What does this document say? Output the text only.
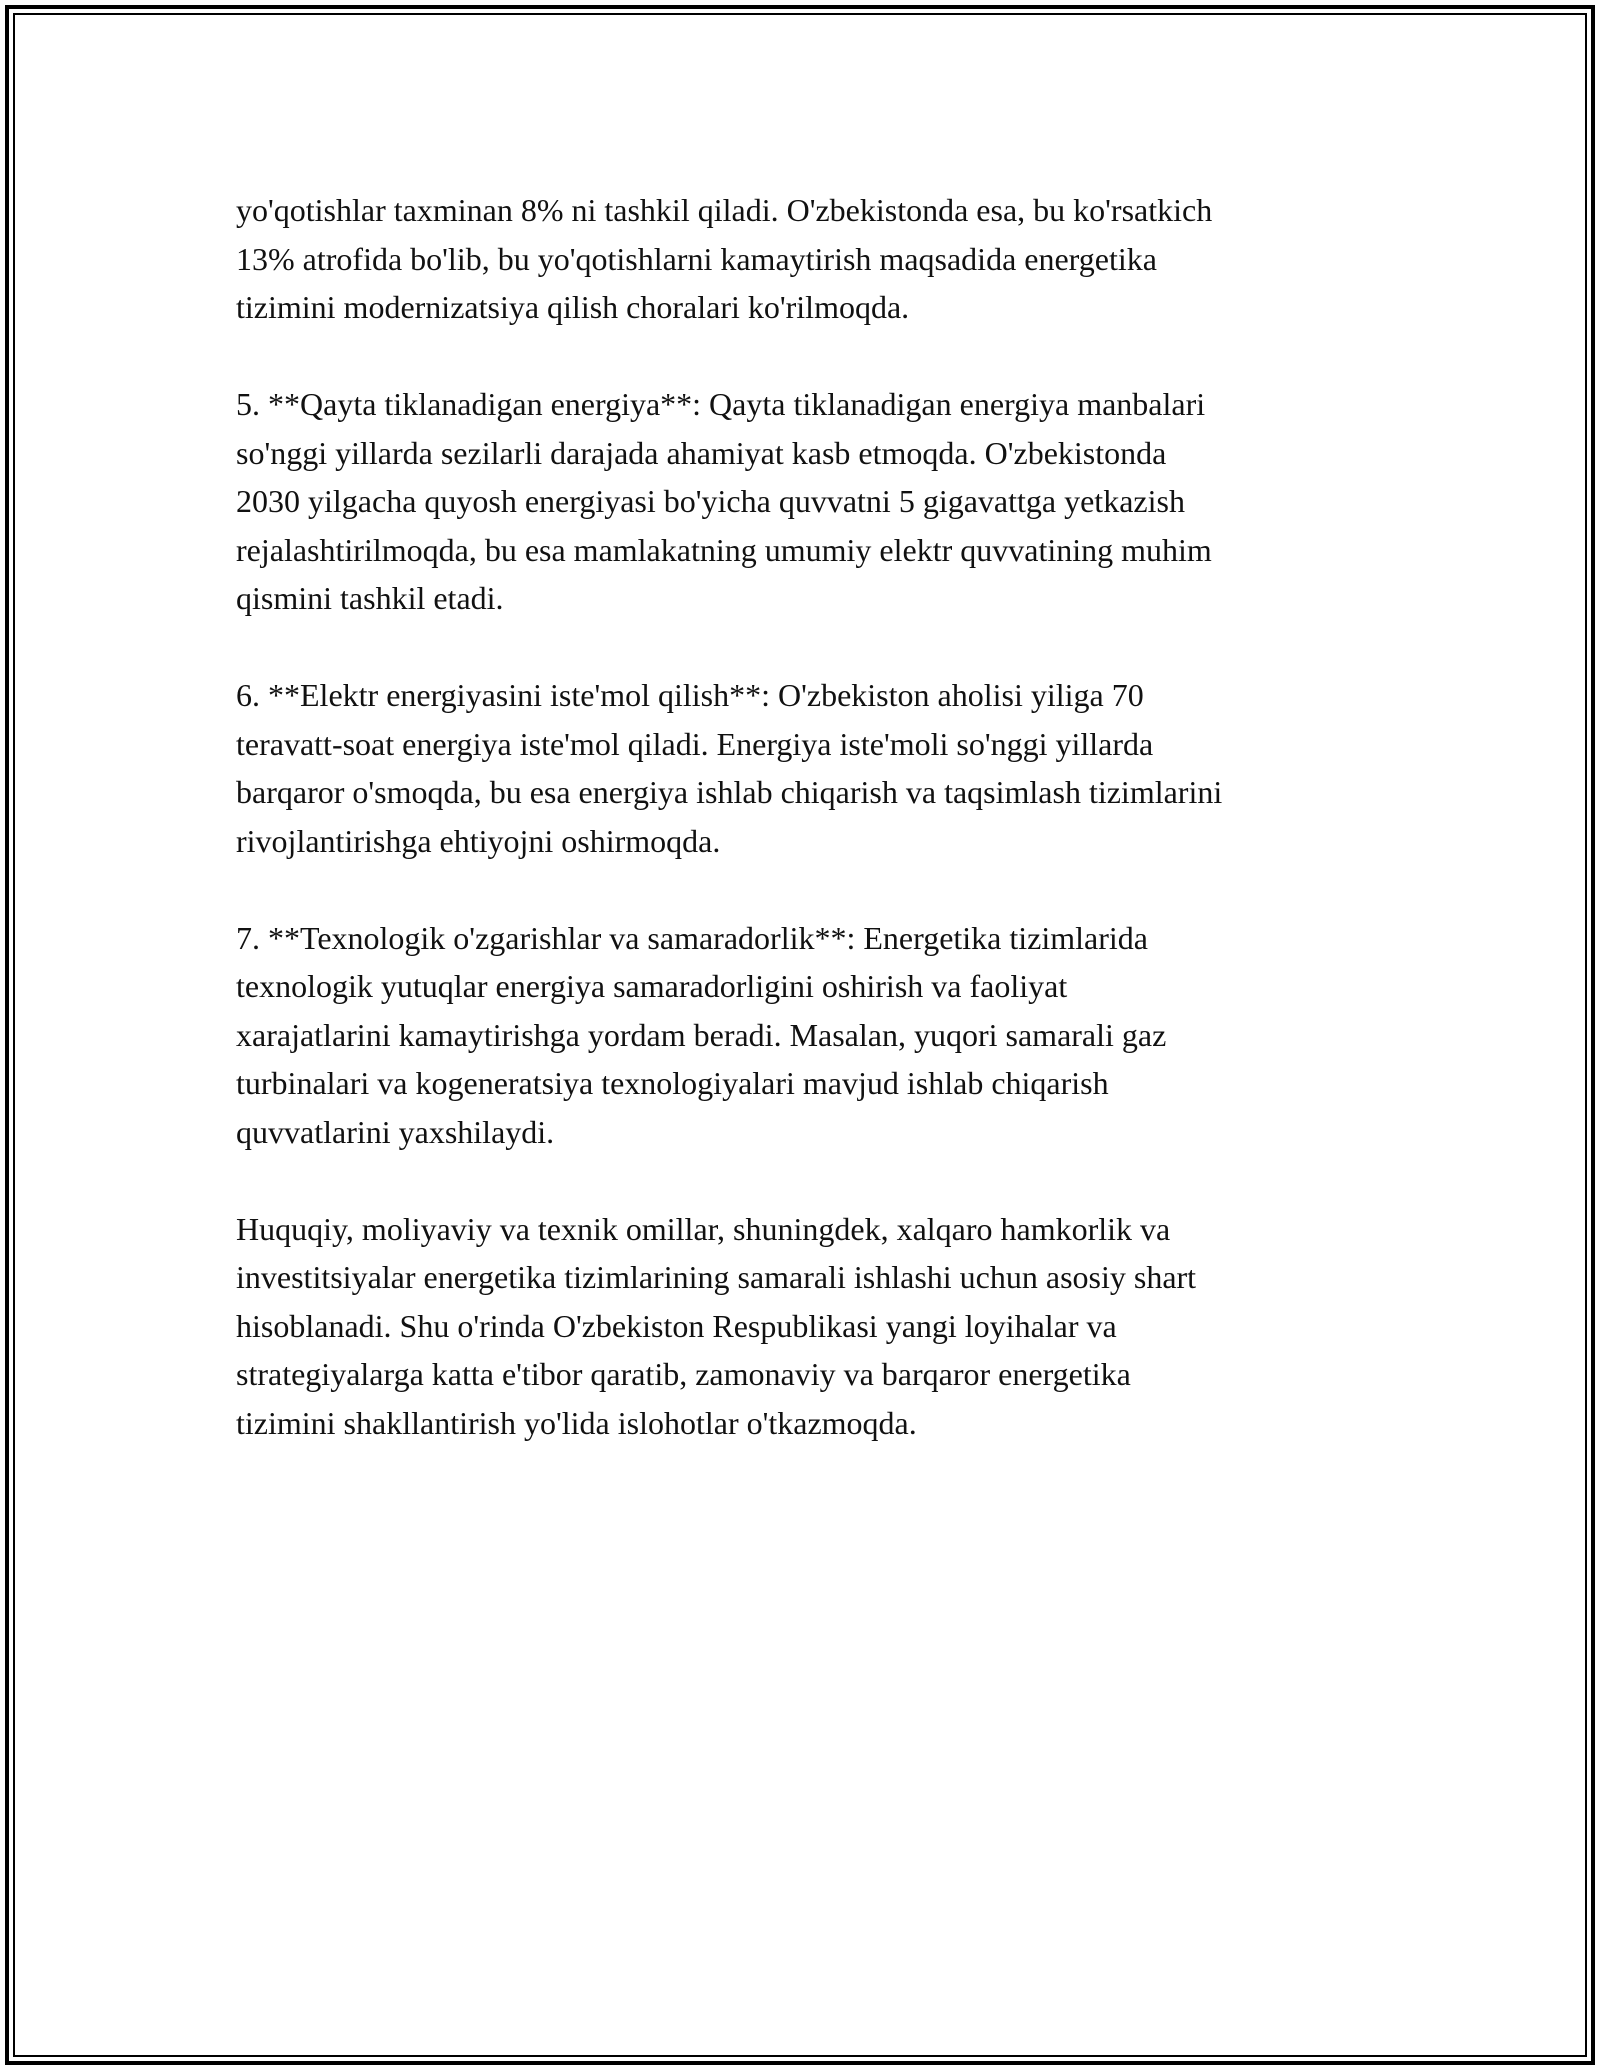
yo'qotishlar taxminan 8% ni tashkil qiladi. O'zbekistonda esa, bu ko'rsatkich
13% atrofida bo'lib, bu yo'qotishlarni kamaytirish maqsadida energetika
tizimini modernizatsiya qilish choralari ko'rilmoqda.

5. **Qayta tiklanadigan energiya**: Qayta tiklanadigan energiya manbalari
so'nggi yillarda sezilarli darajada ahamiyat kasb etmoqda. O'zbekistonda
2030 yilgacha quyosh energiyasi bo'yicha quvvatni 5 gigavattga yetkazish
rejalashtirilmoqda, bu esa mamlakatning umumiy elektr quvvatining muhim
qismini tashkil etadi.

6. **Elektr energiyasini iste'mol qilish**: O'zbekiston aholisi yiliga 70
teravatt-soat energiya iste'mol qiladi. Energiya iste'moli so'nggi yillarda
barqaror o'smoqda, bu esa energiya ishlab chiqarish va taqsimlash tizimlarini
rivojlantirishga ehtiyojni oshirmoqda.

7. **Texnologik o'zgarishlar va samaradorlik**: Energetika tizimlarida
texnologik yutuqlar energiya samaradorligini oshirish va faoliyat
xarajatlarini kamaytirishga yordam beradi. Masalan, yuqori samarali gaz
turbinalari va kogeneratsiya texnologiyalari mavjud ishlab chiqarish
quvvatlarini yaxshilaydi.

Huquqiy, moliyaviy va texnik omillar, shuningdek, xalqaro hamkorlik va
investitsiyalar energetika tizimlarining samarali ishlashi uchun asosiy shart
hisoblanadi. Shu o'rinda O'zbekiston Respublikasi yangi loyihalar va
strategiyalarga katta e'tibor qaratib, zamonaviy va barqaror energetika
tizimini shakllantirish yo'lida islohotlar o'tkazmoqda.
